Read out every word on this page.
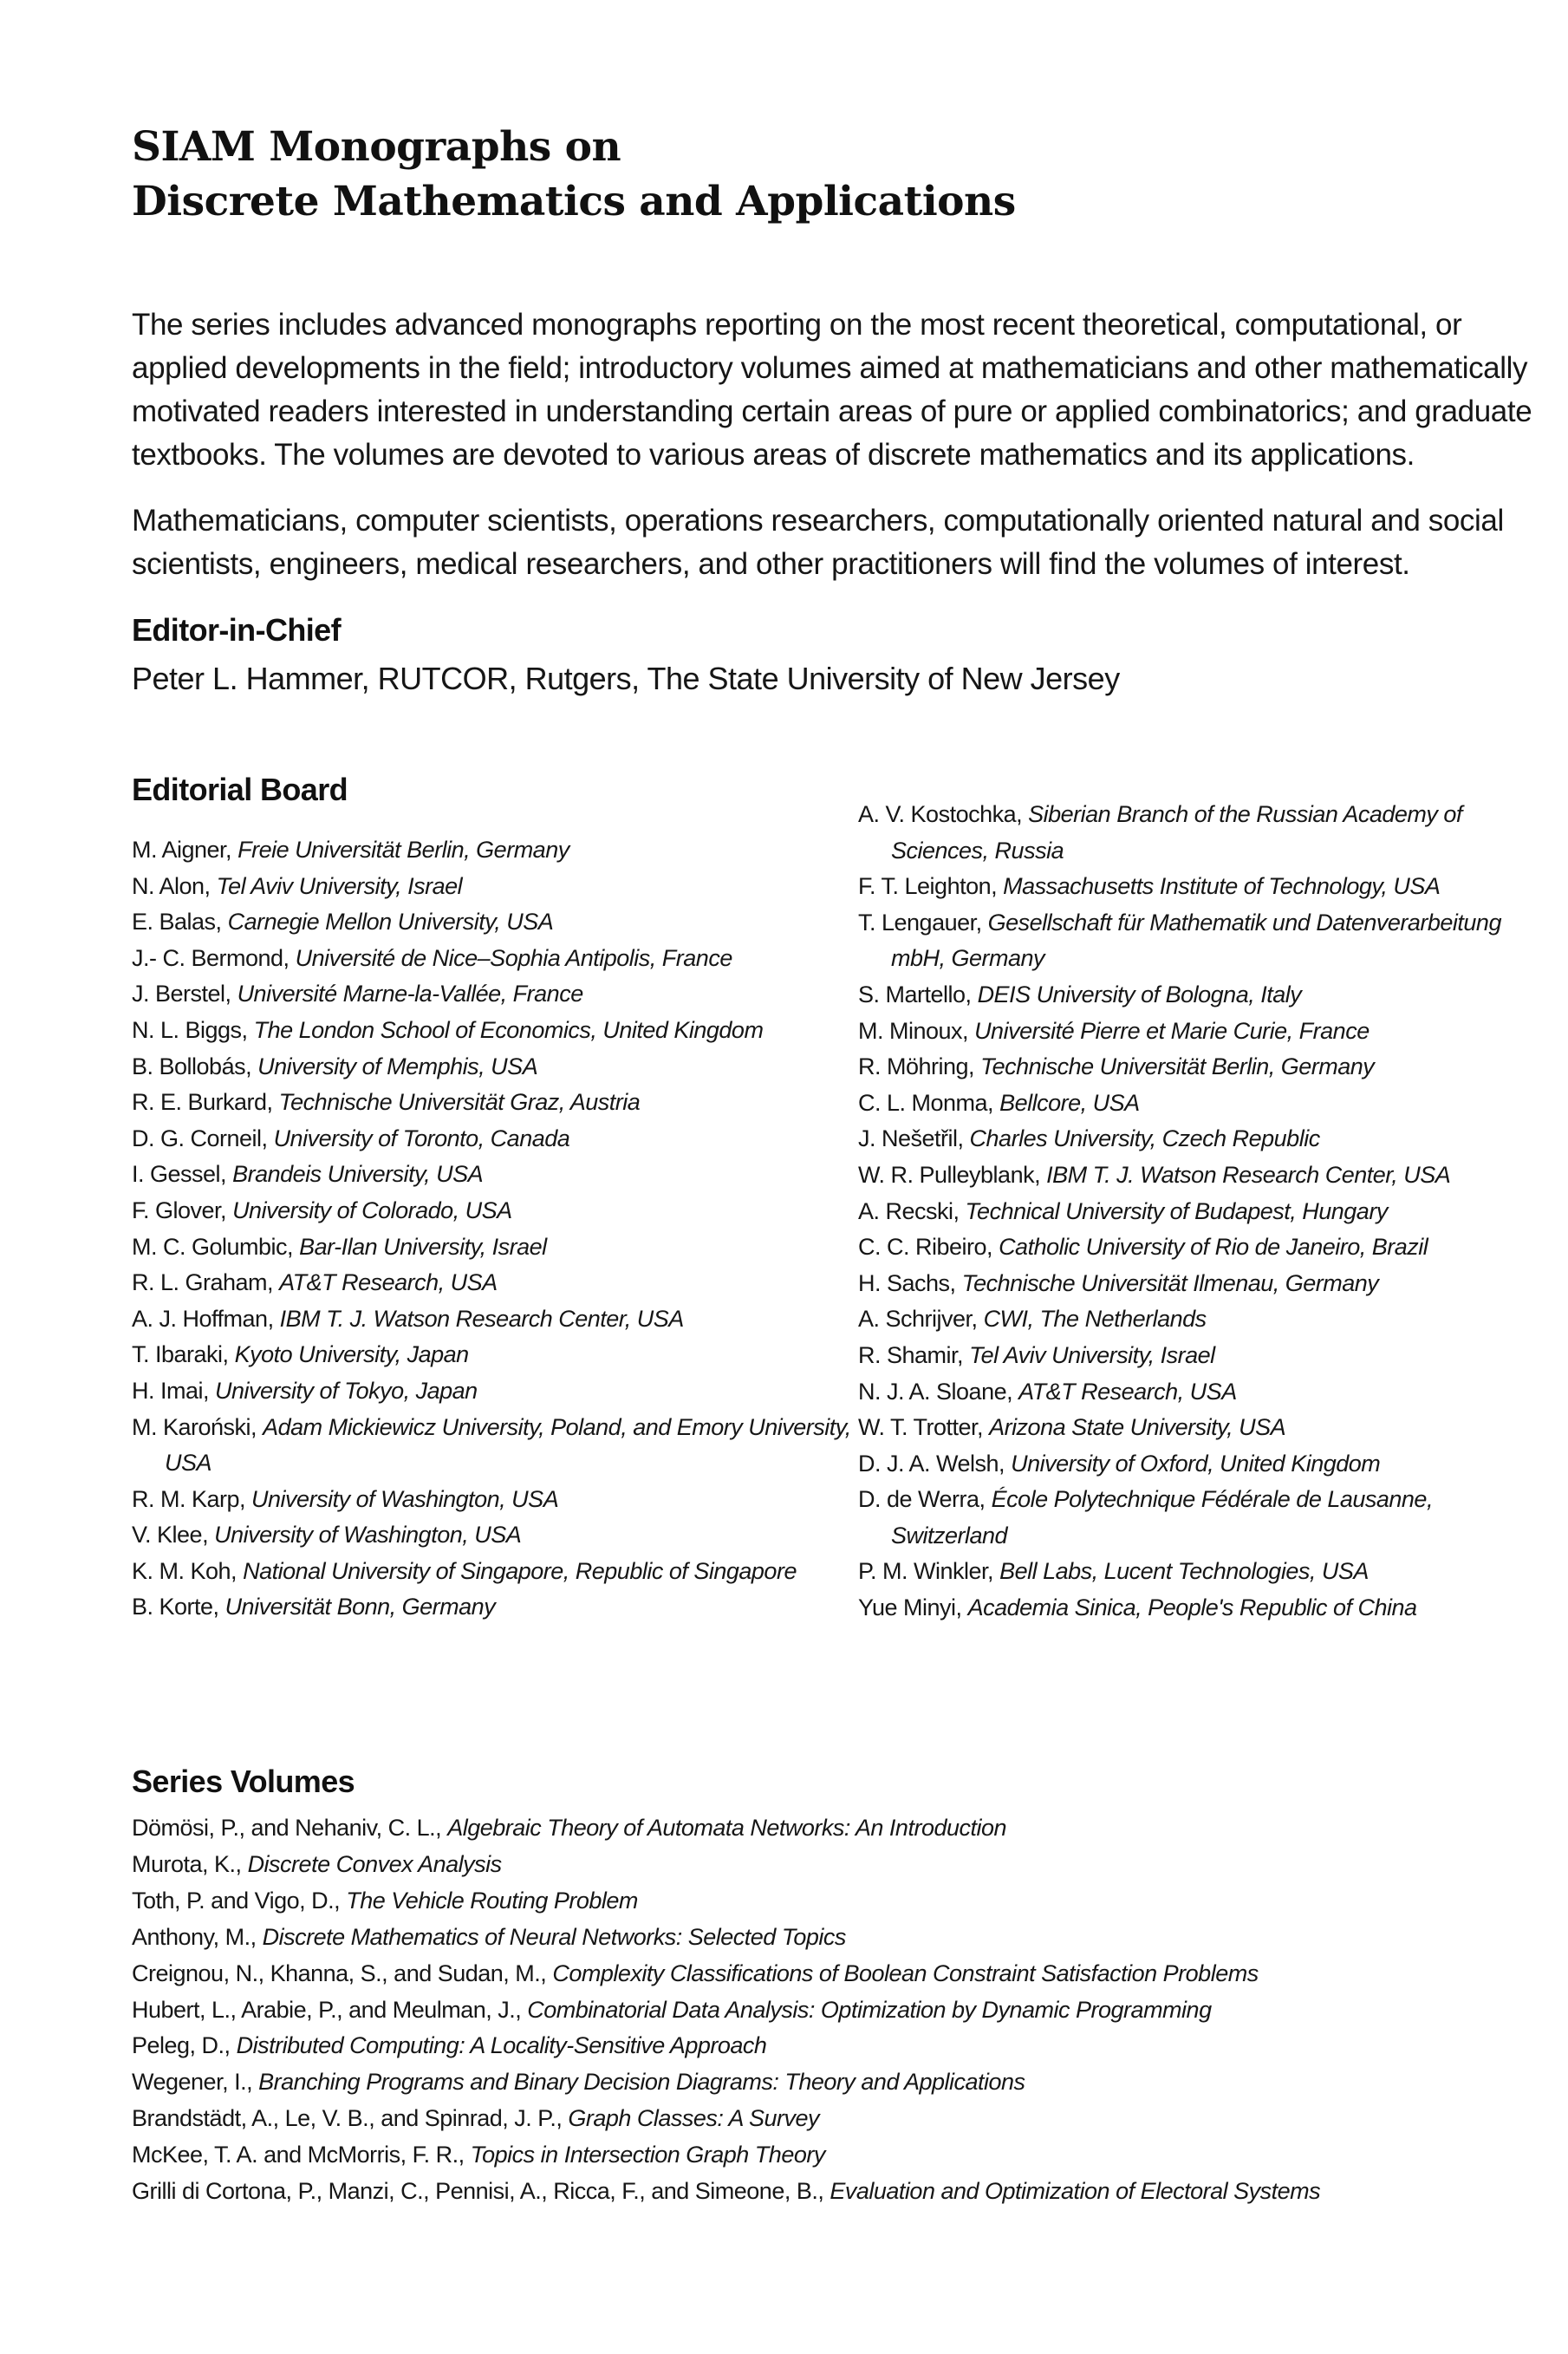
SIAM Monographs on
Discrete Mathematics and Applications

The series includes advanced monographs reporting on the most recent theoretical, computational, or applied developments in the field; introductory volumes aimed at mathematicians and other mathematically motivated readers interested in understanding certain areas of pure or applied combinatorics; and graduate textbooks. The volumes are devoted to various areas of discrete mathematics and its applications.

Mathematicians, computer scientists, operations researchers, computationally oriented natural and social scientists, engineers, medical researchers, and other practitioners will find the volumes of interest.

Editor-in-Chief

Peter L. Hammer, RUTCOR, Rutgers, The State University of New Jersey

Editorial Board
M. Aigner, Freie Universität Berlin, Germany
N. Alon, Tel Aviv University, Israel
E. Balas, Carnegie Mellon University, USA
J.- C. Bermond, Université de Nice–Sophia Antipolis, France
J. Berstel, Université Marne-la-Vallée, France
N. L. Biggs, The London School of Economics, United Kingdom
B. Bollobás, University of Memphis, USA
R. E. Burkard, Technische Universität Graz, Austria
D. G. Corneil, University of Toronto, Canada
I. Gessel, Brandeis University, USA
F. Glover, University of Colorado, USA
M. C. Golumbic, Bar-Ilan University, Israel
R. L. Graham, AT&T Research, USA
A. J. Hoffman, IBM T. J. Watson Research Center, USA
T. Ibaraki, Kyoto University, Japan
H. Imai, University of Tokyo, Japan
M. Karoński, Adam Mickiewicz University, Poland, and Emory University, USA
R. M. Karp, University of Washington, USA
V. Klee, University of Washington, USA
K. M. Koh, National University of Singapore, Republic of Singapore
B. Korte, Universität Bonn, Germany
A. V. Kostochka, Siberian Branch of the Russian Academy of Sciences, Russia
F. T. Leighton, Massachusetts Institute of Technology, USA
T. Lengauer, Gesellschaft für Mathematik und Datenverarbeitung mbH, Germany
S. Martello, DEIS University of Bologna, Italy
M. Minoux, Université Pierre et Marie Curie, France
R. Möhring, Technische Universität Berlin, Germany
C. L. Monma, Bellcore, USA
J. Nešetřil, Charles University, Czech Republic
W. R. Pulleyblank, IBM T. J. Watson Research Center, USA
A. Recski, Technical University of Budapest, Hungary
C. C. Ribeiro, Catholic University of Rio de Janeiro, Brazil
H. Sachs, Technische Universität Ilmenau, Germany
A. Schrijver, CWI, The Netherlands
R. Shamir, Tel Aviv University, Israel
N. J. A. Sloane, AT&T Research, USA
W. T. Trotter, Arizona State University, USA
D. J. A. Welsh, University of Oxford, United Kingdom
D. de Werra, École Polytechnique Fédérale de Lausanne, Switzerland
P. M. Winkler, Bell Labs, Lucent Technologies, USA
Yue Minyi, Academia Sinica, People's Republic of China
Series Volumes
Dömösi, P., and Nehaniv, C. L., Algebraic Theory of Automata Networks: An Introduction
Murota, K., Discrete Convex Analysis
Toth, P. and Vigo, D., The Vehicle Routing Problem
Anthony, M., Discrete Mathematics of Neural Networks: Selected Topics
Creignou, N., Khanna, S., and Sudan, M., Complexity Classifications of Boolean Constraint Satisfaction Problems
Hubert, L., Arabie, P., and Meulman, J., Combinatorial Data Analysis: Optimization by Dynamic Programming
Peleg, D., Distributed Computing: A Locality-Sensitive Approach
Wegener, I., Branching Programs and Binary Decision Diagrams: Theory and Applications
Brandstädt, A., Le, V. B., and Spinrad, J. P., Graph Classes: A Survey
McKee, T. A. and McMorris, F. R., Topics in Intersection Graph Theory
Grilli di Cortona, P., Manzi, C., Pennisi, A., Ricca, F., and Simeone, B., Evaluation and Optimization of Electoral Systems
